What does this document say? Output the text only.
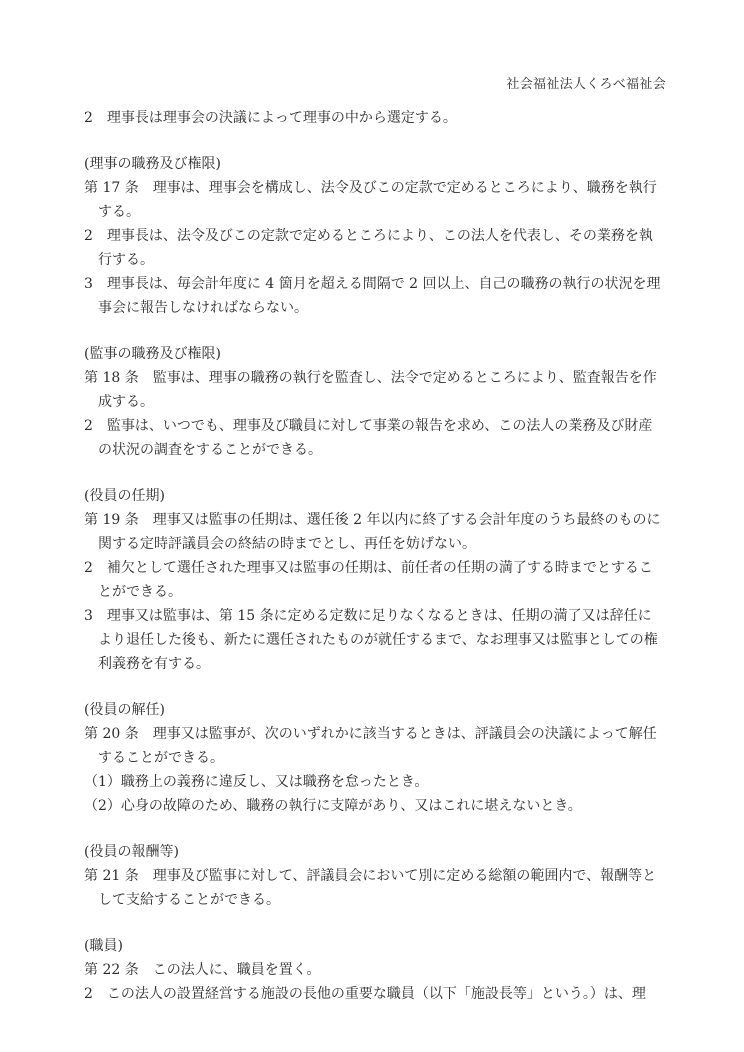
社会福祉法人くろべ福祉会
2　理事長は理事会の決議によって理事の中から選定する。
(理事の職務及び権限)
第 17 条　理事は、理事会を構成し、法令及びこの定款で定めるところにより、職務を執行
　する。
2　理事長は、法令及びこの定款で定めるところにより、この法人を代表し、その業務を執
　行する。
3　理事長は、毎会計年度に 4 箇月を超える間隔で 2 回以上、自己の職務の執行の状況を理
　事会に報告しなければならない。
(監事の職務及び権限)
第 18 条　監事は、理事の職務の執行を監査し、法令で定めるところにより、監査報告を作
　成する。
2　監事は、いつでも、理事及び職員に対して事業の報告を求め、この法人の業務及び財産
　の状況の調査をすることができる。
(役員の任期)
第 19 条　理事又は監事の任期は、選任後 2 年以内に終了する会計年度のうち最終のものに
　関する定時評議員会の終結の時までとし、再任を妨げない。
2　補欠として選任された理事又は監事の任期は、前任者の任期の満了する時までとするこ
　とができる。
3　理事又は監事は、第 15 条に定める定数に足りなくなるときは、任期の満了又は辞任に
　より退任した後も、新たに選任されたものが就任するまで、なお理事又は監事としての権
　利義務を有する。
(役員の解任)
第 20 条　理事又は監事が、次のいずれかに該当するときは、評議員会の決議によって解任
　することができる。
（1）職務上の義務に違反し、又は職務を怠ったとき。
（2）心身の故障のため、職務の執行に支障があり、又はこれに堪えないとき。
(役員の報酬等)
第 21 条　理事及び監事に対して、評議員会において別に定める総額の範囲内で、報酬等と
　して支給することができる。
(職員)
第 22 条　この法人に、職員を置く。
2　この法人の設置経営する施設の長他の重要な職員（以下「施設長等」という。）は、理
